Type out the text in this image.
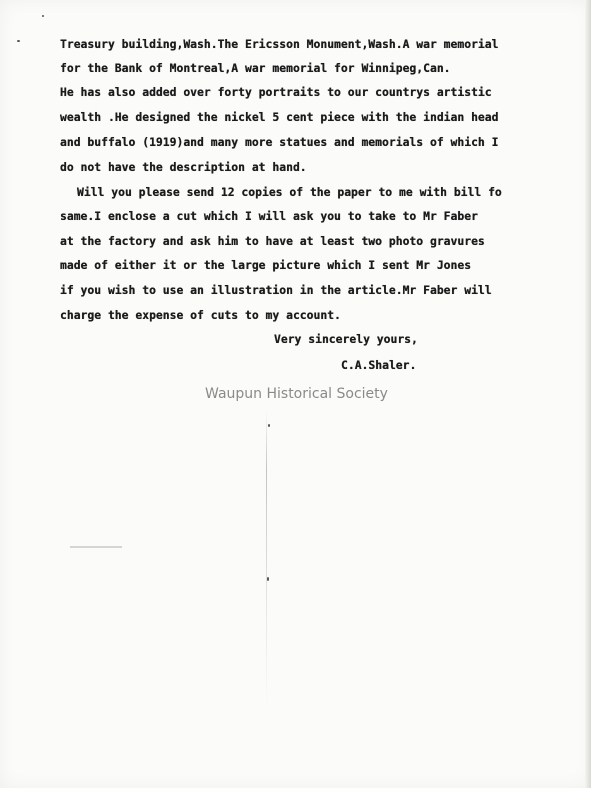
Treasury building,Wash.The Ericsson Monument,Wash.A war memorial
for the Bank of Montreal,A war memorial for Winnipeg,Can.
He has also added over forty portraits to our countrys artistic
wealth .He designed the nickel 5 cent piece with the indian head
and buffalo (1919)and many more statues and memorials of which I
do not have the description at hand.
Will you please send 12 copies of the paper to me with bill fo
same.I enclose a cut which I will ask you to take to Mr Faber
at the factory and ask him to have at least two photo gravures
made of either it or the large picture which I sent Mr Jones
if you wish to use an illustration in the article.Mr Faber will
charge the expense of cuts to my account.
Very sincerely yours,
C.A.Shaler.
Waupun Historical Society
